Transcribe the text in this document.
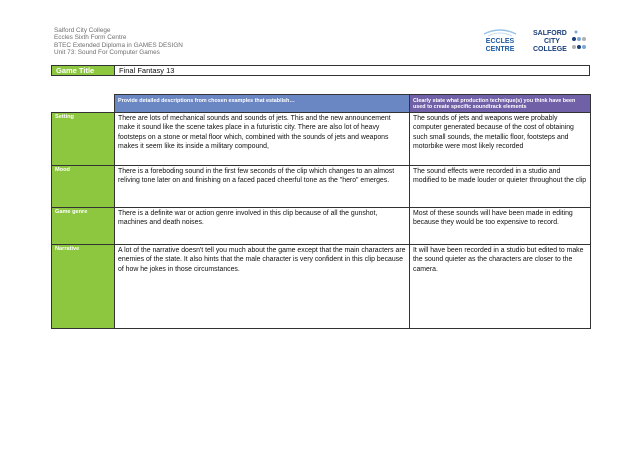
Salford City College
Eccles Sixth Form Centre
BTEC Extended Diploma in GAMES DESIGN
Unit 73: Sound For Computer Games
ECCLES
CENTRE
SALFORD
CITY
COLLEGE
Game Title	Final Fantasy 13
	Provide detailed descriptions from chosen examples that establish…	Clearly state what production technique(s) you think have been used to create specific soundtrack elements
Setting	There are lots of mechanical sounds and sounds of jets. This and the new announcement make it sound like the scene takes place in a futuristic city. There are also lot of heavy footsteps on a stone or metal floor which, combined with the sounds of jets and weapons makes it seem like its inside a military compound,	The sounds of jets and weapons were probably computer generated because of the cost of obtaining such small sounds, the metallic floor, footsteps and motorbike were most likely recorded
Mood	There is a foreboding sound in the first few seconds of the clip which changes to an almost reliving tone later on and finishing on a faced paced cheerful tone as the "hero" emerges.	The sound effects were recorded in a studio and modified to be made louder or quieter throughout the clip
Game genre	There is a definite war or action genre involved in this clip because of all the gunshot, machines and death noises.	Most of these sounds will have been made in editing because they would be too expensive to record.
Narrative	A lot of the narrative doesn't tell you much about the game except that the main characters are enemies of the state. It also hints that the male character is very confident in this clip because of how he jokes in those circumstances.	It will have been recorded in a studio but edited to make the sound quieter as the characters are closer to the camera.
